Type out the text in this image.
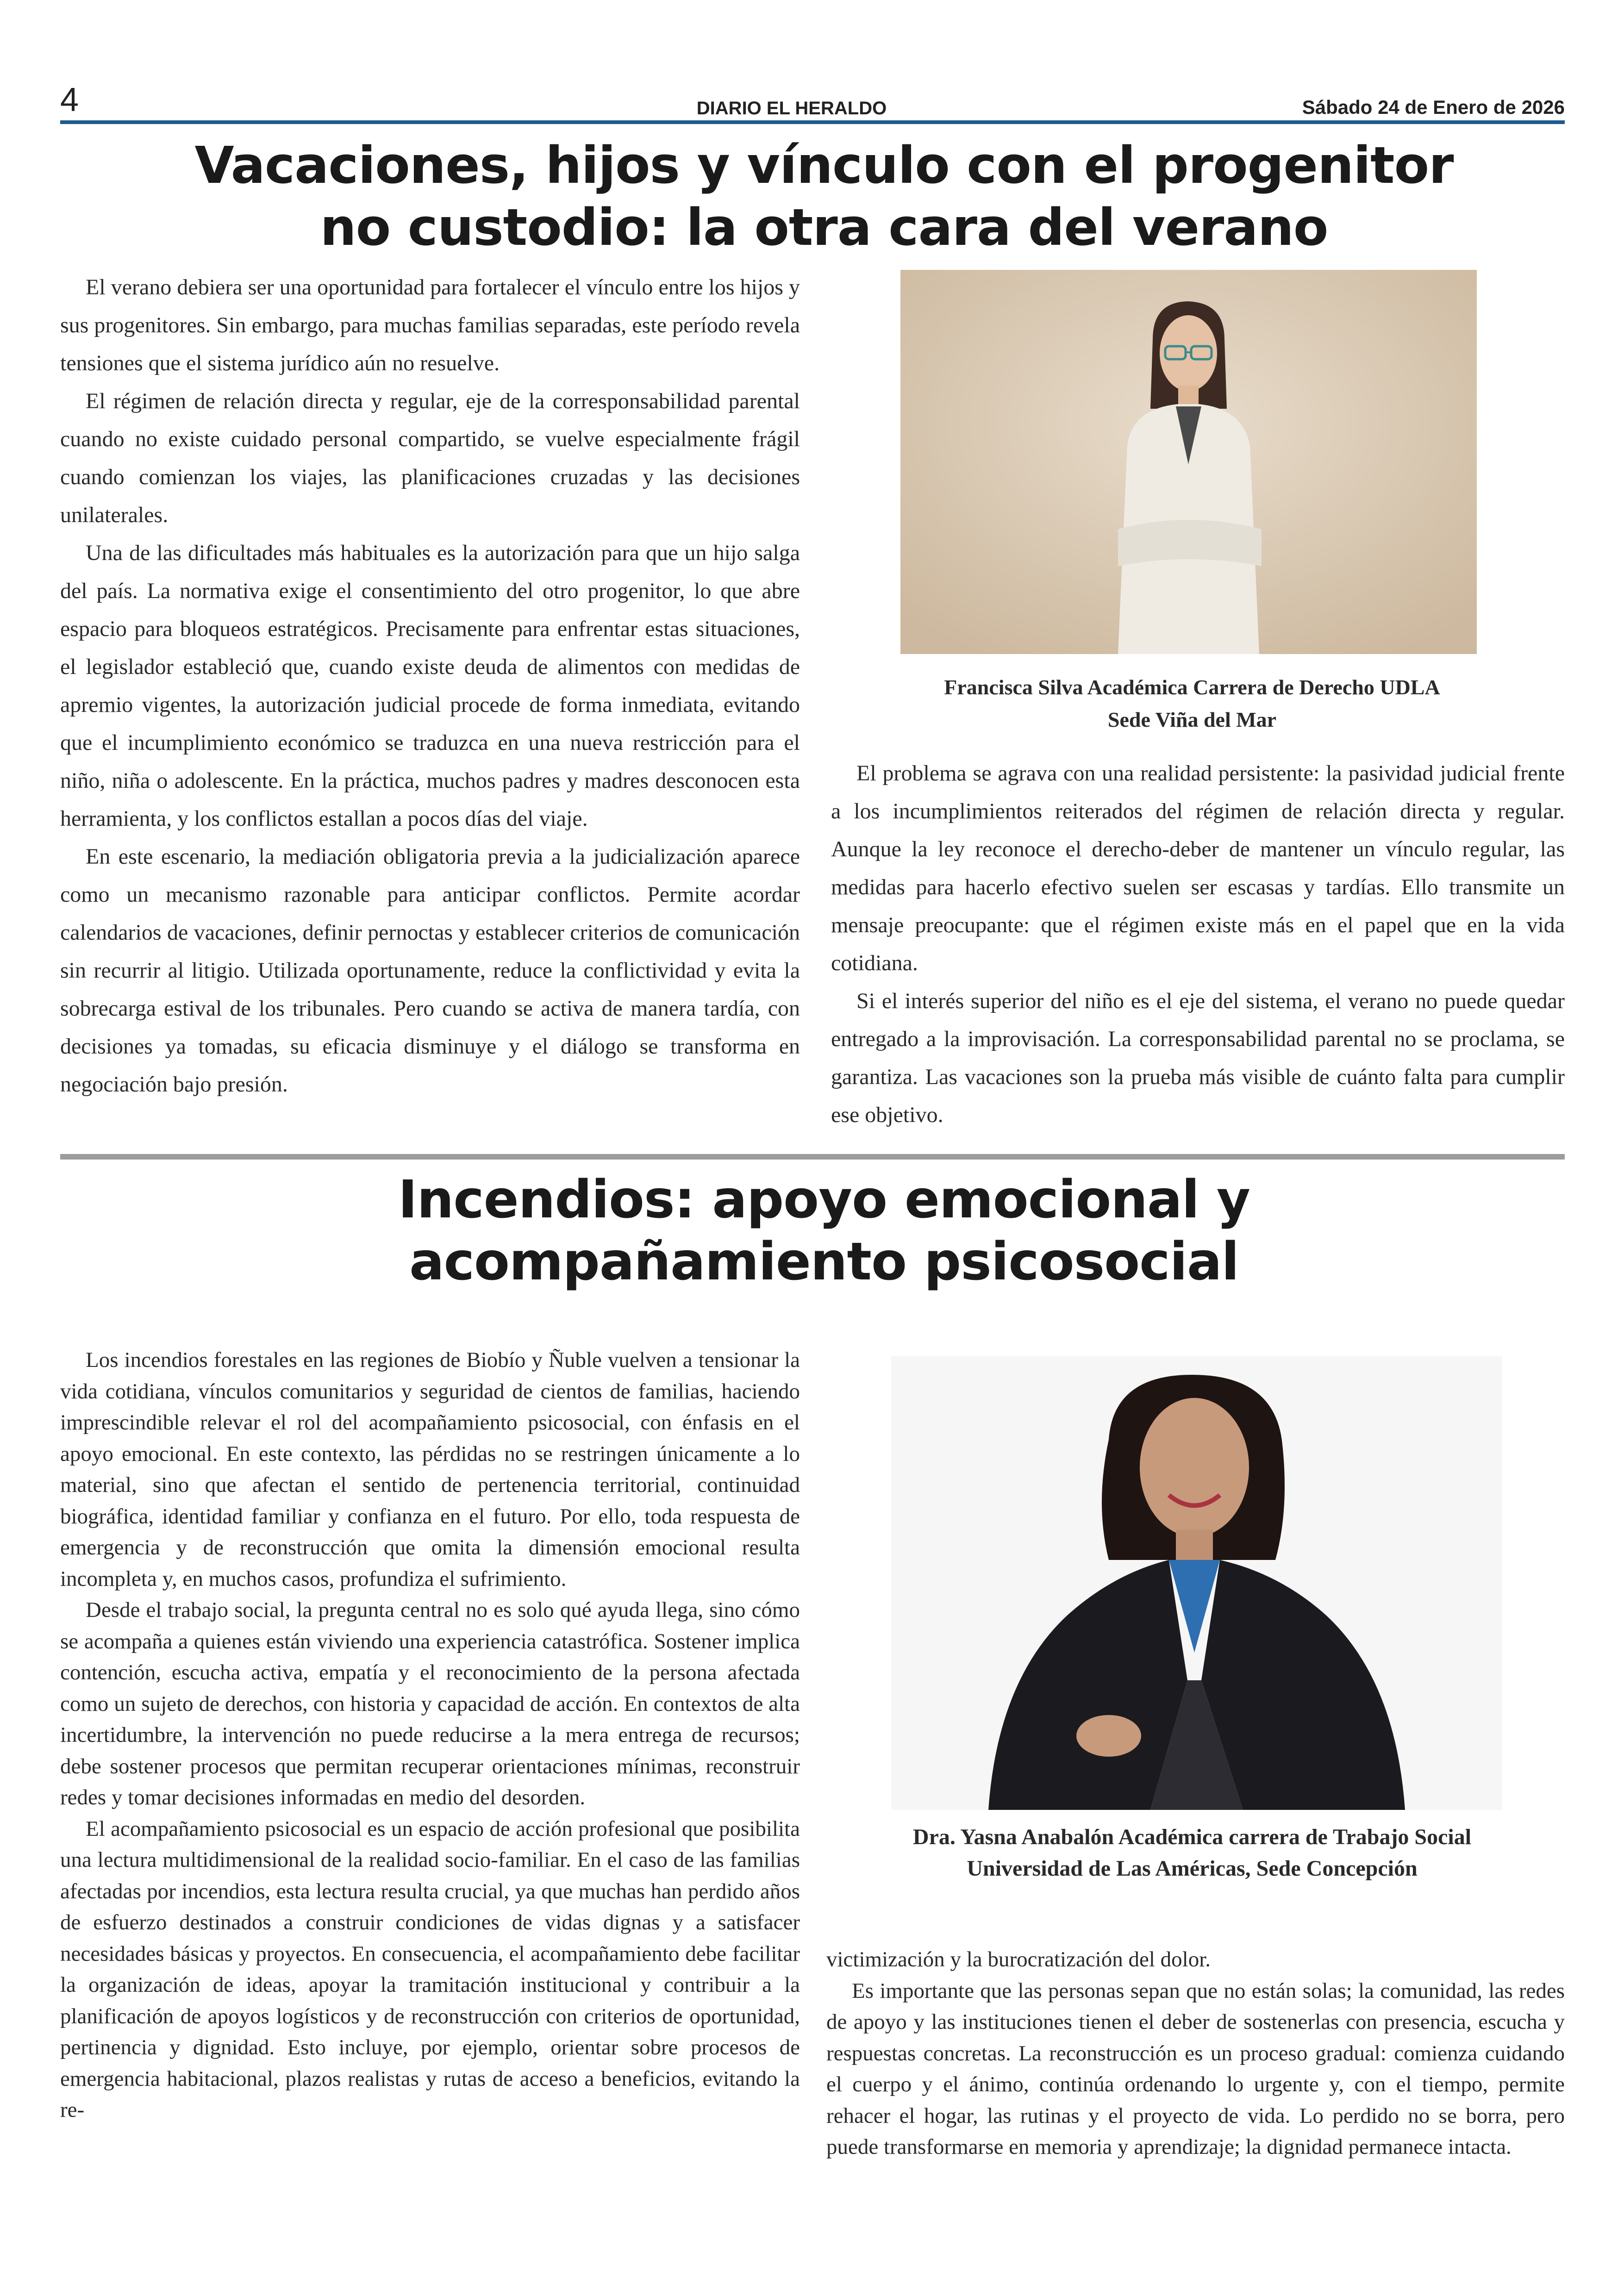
4	DIARIO EL HERALDO	Sábado 24 de Enero de 2026
Vacaciones, hijos y vínculo con el progenitor
no custodio: la otra cara del verano

El verano debiera ser una oportunidad para fortalecer el vínculo entre los hijos y sus progenitores. Sin embargo, para muchas familias separadas, este período revela tensiones que el sistema jurídico aún no resuelve.

El régimen de relación directa y regular, eje de la corresponsabilidad parental cuando no existe cuidado personal compartido, se vuelve especialmente frágil cuando comienzan los viajes, las planificaciones cruzadas y las decisiones unilaterales.

Una de las dificultades más habituales es la autorización para que un hijo salga del país. La normativa exige el consentimiento del otro progenitor, lo que abre espacio para bloqueos estratégicos. Precisamente para enfrentar estas situaciones, el legislador estableció que, cuando existe deuda de alimentos con medidas de apremio vigentes, la autorización judicial procede de forma inmediata, evitando que el incumplimiento económico se traduzca en una nueva restricción para el niño, niña o adolescente. En la práctica, muchos padres y madres desconocen esta herramienta, y los conflictos estallan a pocos días del viaje.

En este escenario, la mediación obligatoria previa a la judicialización aparece como un mecanismo razonable para anticipar conflictos. Permite acordar calendarios de vacaciones, definir pernoctas y establecer criterios de comunicación sin recurrir al litigio. Utilizada oportunamente, reduce la conflictividad y evita la sobrecarga estival de los tribunales. Pero cuando se activa de manera tardía, con decisiones ya tomadas, su eficacia disminuye y el diálogo se transforma en negociación bajo presión.

Francisca Silva Académica Carrera de Derecho UDLA
Sede Viña del Mar

El problema se agrava con una realidad persistente: la pasividad judicial frente a los incumplimientos reiterados del régimen de relación directa y regular. Aunque la ley reconoce el derecho-deber de mantener un vínculo regular, las medidas para hacerlo efectivo suelen ser escasas y tardías. Ello transmite un mensaje preocupante: que el régimen existe más en el papel que en la vida cotidiana.

Si el interés superior del niño es el eje del sistema, el verano no puede quedar entregado a la improvisación. La corresponsabilidad parental no se proclama, se garantiza. Las vacaciones son la prueba más visible de cuánto falta para cumplir ese objetivo.

Incendios: apoyo emocional y
acompañamiento psicosocial

Los incendios forestales en las regiones de Biobío y Ñuble vuelven a tensionar la vida cotidiana, vínculos comunitarios y seguridad de cientos de familias, haciendo imprescindible relevar el rol del acompañamiento psicosocial, con énfasis en el apoyo emocional. En este contexto, las pérdidas no se restringen únicamente a lo material, sino que afectan el sentido de pertenencia territorial, continuidad biográfica, identidad familiar y confianza en el futuro. Por ello, toda respuesta de emergencia y de reconstrucción que omita la dimensión emocional resulta incompleta y, en muchos casos, profundiza el sufrimiento.

Desde el trabajo social, la pregunta central no es solo qué ayuda llega, sino cómo se acompaña a quienes están viviendo una experiencia catastrófica. Sostener implica contención, escucha activa, empatía y el reconocimiento de la persona afectada como un sujeto de derechos, con historia y capacidad de acción. En contextos de alta incertidumbre, la intervención no puede reducirse a la mera entrega de recursos; debe sostener procesos que permitan recuperar orientaciones mínimas, reconstruir redes y tomar decisiones informadas en medio del desorden.

El acompañamiento psicosocial es un espacio de acción profesional que posibilita una lectura multidimensional de la realidad socio-familiar. En el caso de las familias afectadas por incendios, esta lectura resulta crucial, ya que muchas han perdido años de esfuerzo destinados a construir condiciones de vidas dignas y a satisfacer necesidades básicas y proyectos. En consecuencia, el acompañamiento debe facilitar la organización de ideas, apoyar la tramitación institucional y contribuir a la planificación de apoyos logísticos y de reconstrucción con criterios de oportunidad, pertinencia y dignidad. Esto incluye, por ejemplo, orientar sobre procesos de emergencia habitacional, plazos realistas y rutas de acceso a beneficios, evitando la re-

Dra. Yasna Anabalón Académica carrera de Trabajo Social
Universidad de Las Américas, Sede Concepción

victimización y la burocratización del dolor.

Es importante que las personas sepan que no están solas; la comunidad, las redes de apoyo y las instituciones tienen el deber de sostenerlas con presencia, escucha y respuestas concretas. La reconstrucción es un proceso gradual: comienza cuidando el cuerpo y el ánimo, continúa ordenando lo urgente y, con el tiempo, permite rehacer el hogar, las rutinas y el proyecto de vida. Lo perdido no se borra, pero puede transformarse en memoria y aprendizaje; la dignidad permanece intacta.
